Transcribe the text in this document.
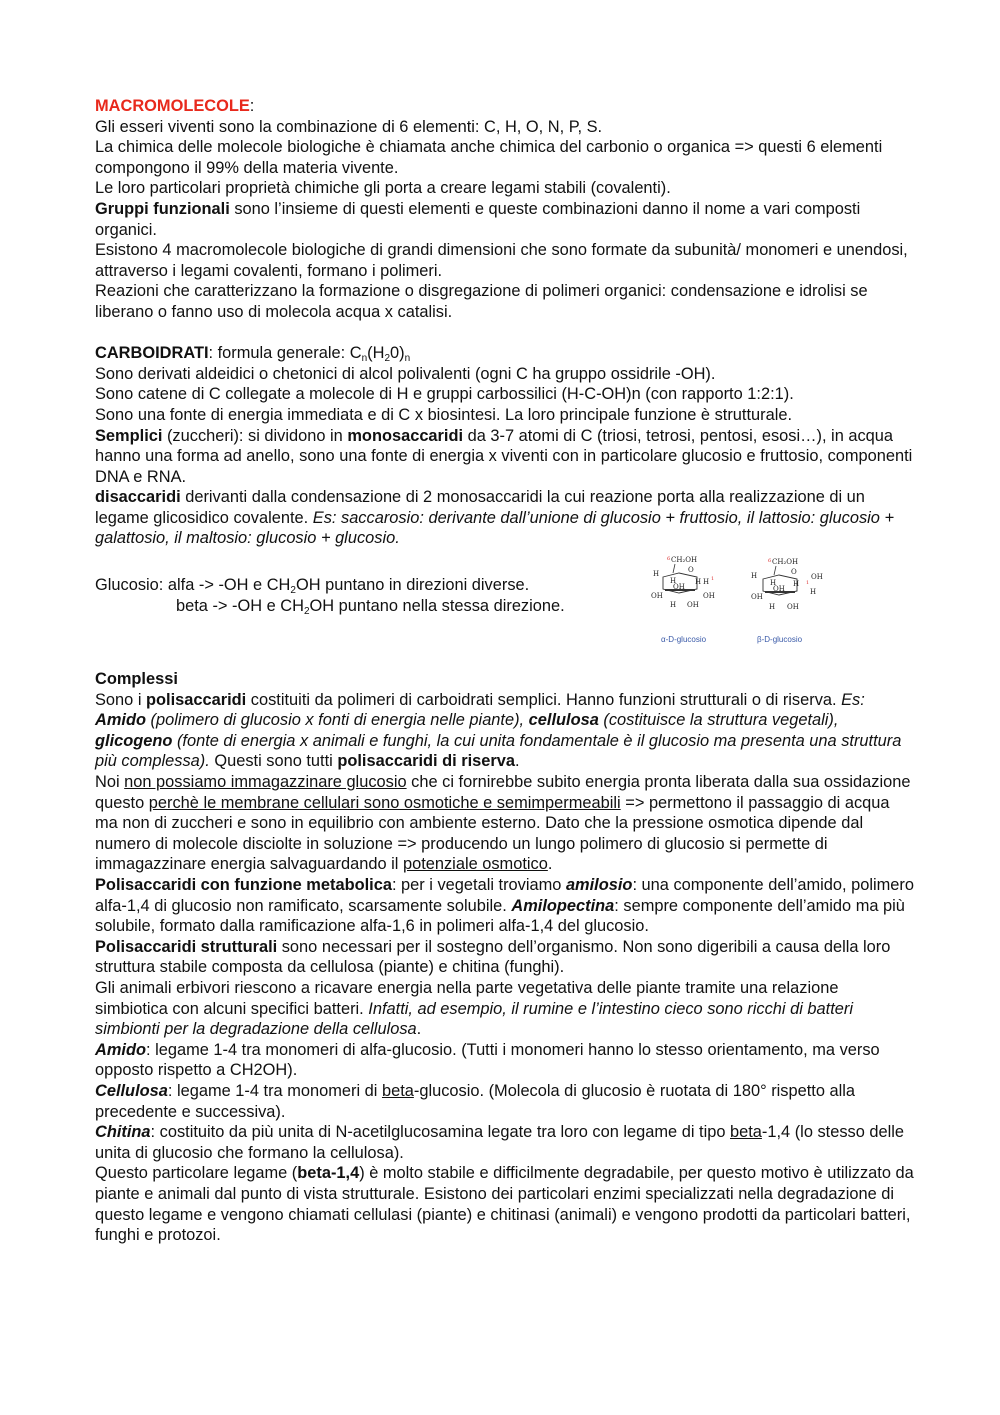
MACROMOLECOLE:

Gli esseri viventi sono la combinazione di 6 elementi: C, H, O, N, P, S.

La chimica delle molecole biologiche è chiamata anche chimica del carbonio o organica => questi 6 elementi compongono il 99% della materia vivente.

Le loro particolari proprietà chimiche gli porta a creare legami stabili (covalenti).

Gruppi funzionali sono l’insieme di questi elementi e queste combinazioni danno il nome a vari composti organici.

Esistono 4 macromolecole biologiche di grandi dimensioni che sono formate da subunità/ monomeri e unendosi, attraverso i legami covalenti, formano i polimeri.

Reazioni che caratterizzano la formazione o disgregazione di polimeri organici: condensazione e idrolisi se liberano o fanno uso di molecola acqua x catalisi.

CARBOIDRATI: formula generale: $C_n(H_20)_n$

Sono derivati aldeidici o chetonici di alcol polivalenti (ogni C ha gruppo ossidrile -OH).

Sono catene di C collegate a molecole di H e gruppi carbossilici (H-C-OH)n (con rapporto 1:2:1).

Sono una fonte di energia immediata e di C x biosintesi. La loro principale funzione è strutturale.

Semplici (zuccheri): si dividono in monosaccaridi da 3-7 atomi di C (triosi, tetrosi, pentosi, esosi…), in acqua hanno una forma ad anello, sono una fonte di energia x viventi con in particolare glucosio e fruttosio, componenti DNA e RNA.

disaccaridi derivanti dalla condensazione di 2 monosaccaridi la cui reazione porta alla realizzazione di un legame glicosidico covalente. Es: saccarosio: derivante dall’unione di glucosio + fruttosio, il lattosio: glucosio + galattosio, il maltosio: glucosio + glucosio.

Glucosio: alfa -> -OH e $CH_2OH$ puntano in direzioni diverse.

beta -> -OH e $CH_2OH$ puntano nella stessa direzione.

CH₂OH
6
O
H
H
OH
OH
H H 1
OH
H OH
α-D-glucosio
CH₂OH
6
O
H
H
OH
OH
H
OH
1
H
H OH
β-D-glucosio

Complessi

Sono i polisaccaridi costituiti da polimeri di carboidrati semplici. Hanno funzioni strutturali o di riserva. Es: Amido (polimero di glucosio x fonti di energia nelle piante), cellulosa (costituisce la struttura vegetali), glicogeno (fonte di energia x animali e funghi, la cui unita fondamentale è il glucosio ma presenta una struttura più complessa). Questi sono tutti polisaccaridi di riserva.

Noi non possiamo immagazzinare glucosio che ci fornirebbe subito energia pronta liberata dalla sua ossidazione questo perchè le membrane cellulari sono osmotiche e semimpermeabili => permettono il passaggio di acqua ma non di zuccheri e sono in equilibrio con ambiente esterno. Dato che la pressione osmotica dipende dal numero di molecole disciolte in soluzione => producendo un lungo polimero di glucosio si permette di immagazzinare energia salvaguardando il potenziale osmotico.

Polisaccaridi con funzione metabolica: per i vegetali troviamo amilosio: una componente dell’amido, polimero alfa-1,4 di glucosio non ramificato, scarsamente solubile. Amilopectina: sempre componente dell’amido ma più solubile, formato dalla ramificazione alfa-1,6 in polimeri alfa-1,4 del glucosio.

Polisaccaridi strutturali sono necessari per il sostegno dell’organismo. Non sono digeribili a causa della loro struttura stabile composta da cellulosa (piante) e chitina (funghi).

Gli animali erbivori riescono a ricavare energia nella parte vegetativa delle piante tramite una relazione simbiotica con alcuni specifici batteri. Infatti, ad esempio, il rumine e l’intestino cieco sono ricchi di batteri simbionti per la degradazione della cellulosa.

Amido: legame 1-4 tra monomeri di alfa-glucosio. (Tutti i monomeri hanno lo stesso orientamento, ma verso opposto rispetto a CH2OH).

Cellulosa: legame 1-4 tra monomeri di beta-glucosio. (Molecola di glucosio è ruotata di 180° rispetto alla precedente e successiva).

Chitina: costituito da più unita di N-acetilglucosamina legate tra loro con legame di tipo beta-1,4 (lo stesso delle unita di glucosio che formano la cellulosa).

Questo particolare legame (beta-1,4) è molto stabile e difficilmente degradabile, per questo motivo è utilizzato da piante e animali dal punto di vista strutturale. Esistono dei particolari enzimi specializzati nella degradazione di questo legame e vengono chiamati cellulasi (piante) e chitinasi (animali) e vengono prodotti da particolari batteri, funghi e protozoi.
